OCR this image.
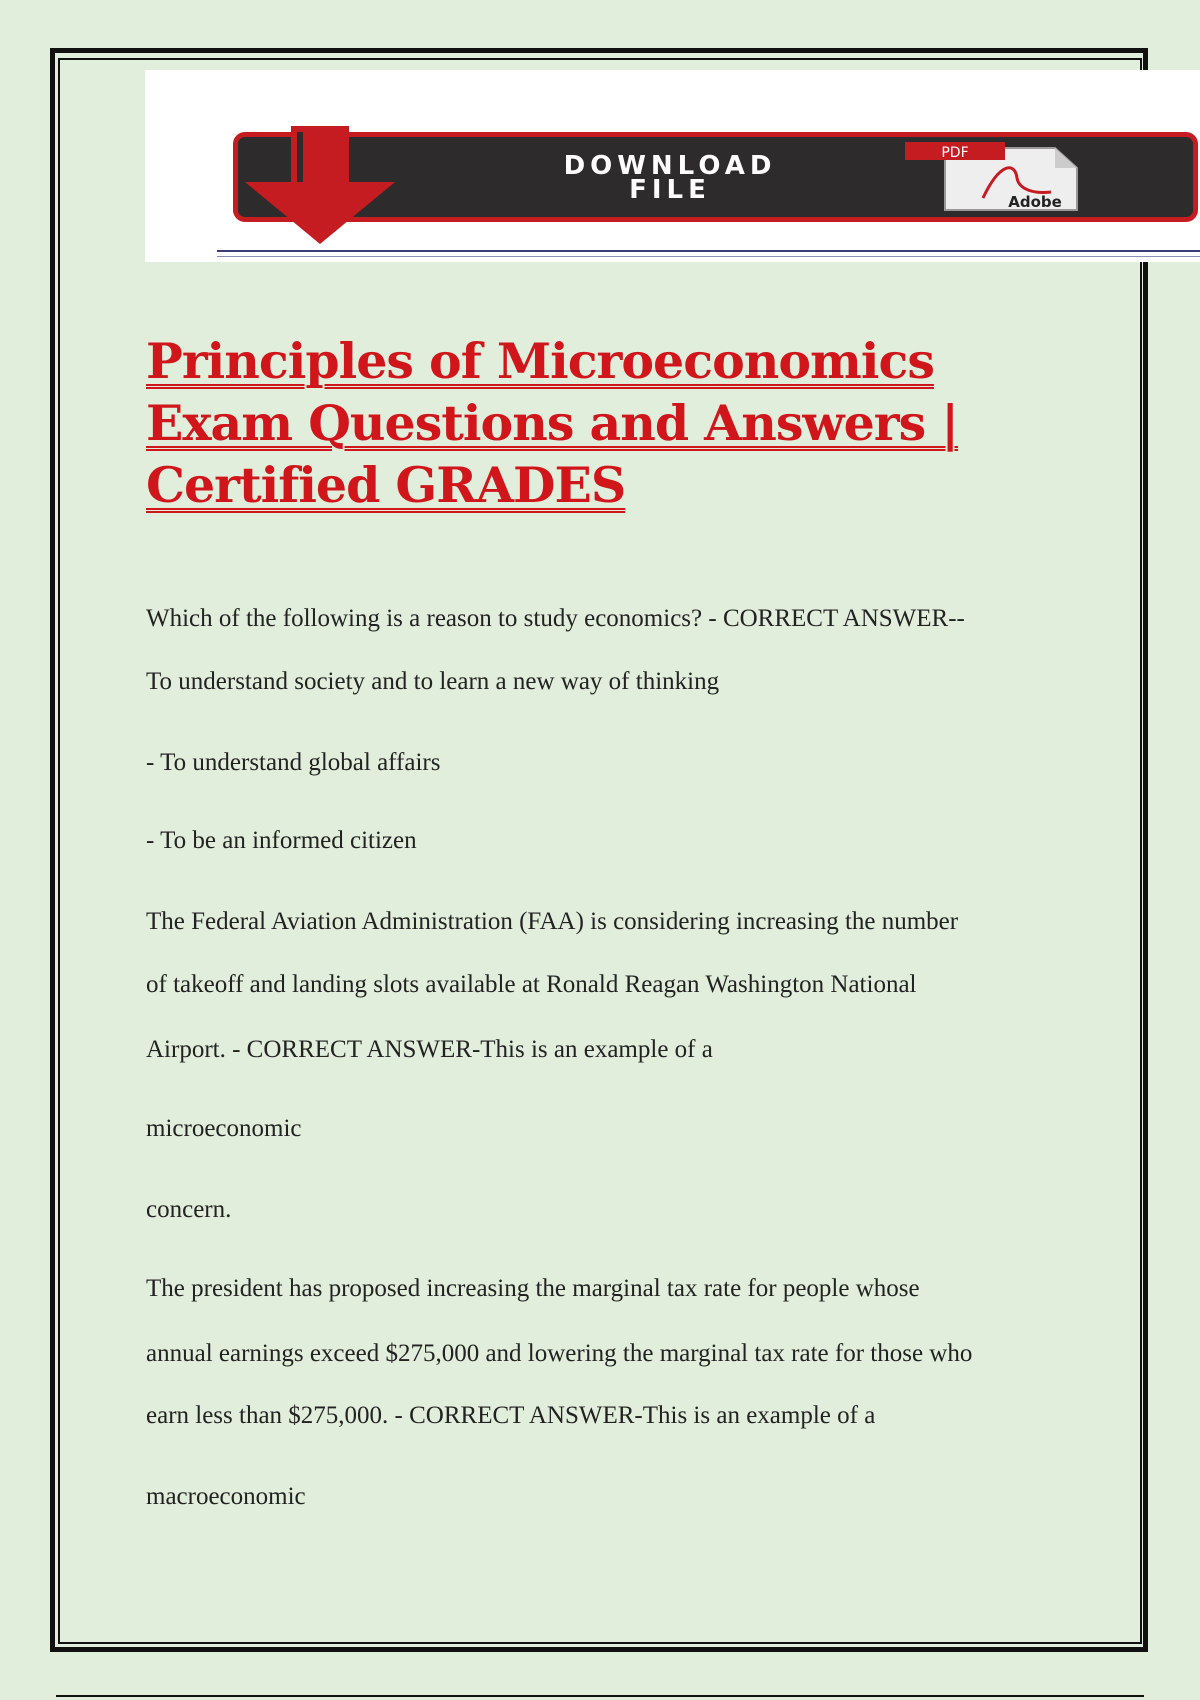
DOWNLOAD
FILE
PDF
Adobe
Principles of Microeconomics Exam Questions and Answers | Certified GRADES
Which of the following is a reason to study economics? - CORRECT ANSWER--
To understand society and to learn a new way of thinking
- To understand global affairs
- To be an informed citizen
The Federal Aviation Administration (FAA) is considering increasing the number
of takeoff and landing slots available at Ronald Reagan Washington National
Airport. - CORRECT ANSWER-This is an example of a
microeconomic
concern.
The president has proposed increasing the marginal tax rate for people whose
annual earnings exceed $275,000 and lowering the marginal tax rate for those who
earn less than $275,000. - CORRECT ANSWER-This is an example of a
macroeconomic
